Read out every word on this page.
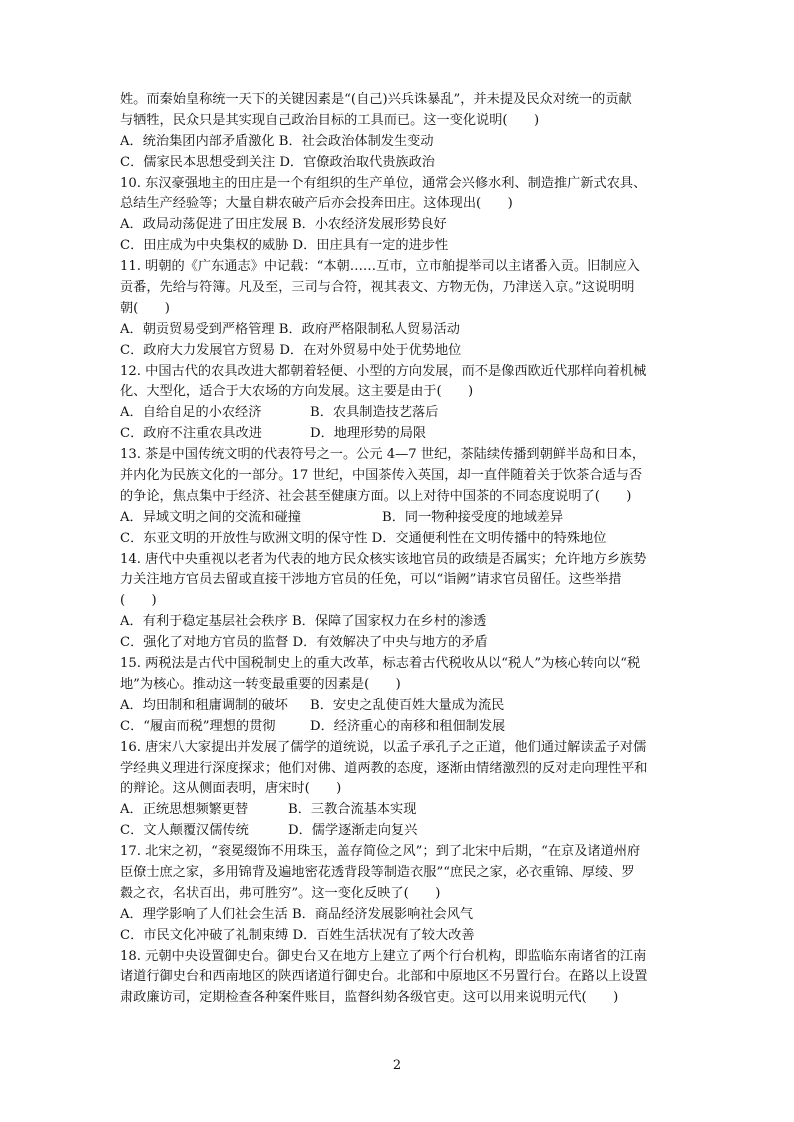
姓。而秦始皇称统一天下的关键因素是“(自己)兴兵诛暴乱”，并未提及民众对统一的贡献
与牺牲，民众只是其实现自己政治目标的工具而已。这一变化说明(　　)
A．统治集团内部矛盾激化 B．社会政治体制发生变动
C．儒家民本思想受到关注 D．官僚政治取代贵族政治
10. 东汉豪强地主的田庄是一个有组织的生产单位，通常会兴修水利、制造推广新式农具、
总结生产经验等；大量自耕农破产后亦会投奔田庄。这体现出(　　)
A．政局动荡促进了田庄发展 B．小农经济发展形势良好
C．田庄成为中央集权的威胁 D．田庄具有一定的进步性
11. 明朝的《广东通志》中记载：“本朝……互市，立市舶提举司以主诸番入贡。旧制应入
贡番，先给与符簿。凡及至，三司与合符，视其表文、方物无伪，乃津送入京。”这说明明
朝(　　)
A．朝贡贸易受到严格管理 B．政府严格限制私人贸易活动
C．政府大力发展官方贸易 D．在对外贸易中处于优势地位
12. 中国古代的农具改进大都朝着轻便、小型的方向发展，而不是像西欧近代那样向着机械
化、大型化，适合于大农场的方向发展。这主要是由于(　　)
A．自给自足的小农经济	B．农具制造技艺落后
C．政府不注重农具改进	D．地理形势的局限
13. 茶是中国传统文明的代表符号之一。公元 4—7 世纪，茶陆续传播到朝鲜半岛和日本，
并内化为民族文化的一部分。17 世纪，中国茶传入英国，却一直伴随着关于饮茶合适与否
的争论，焦点集中于经济、社会甚至健康方面。以上对待中国茶的不同态度说明了(　　)
A．异域文明之间的交流和碰撞	B．同一物种接受度的地域差异
C．东亚文明的开放性与欧洲文明的保守性 D．交通便利性在文明传播中的特殊地位
14. 唐代中央重视以老者为代表的地方民众核实该地官员的政绩是否属实；允许地方乡族势
力关注地方官员去留或直接干涉地方官员的任免，可以“诣阙”请求官员留任。这些举措
(　　)
A．有利于稳定基层社会秩序 B．保障了国家权力在乡村的渗透
C．强化了对地方官员的监督 D．有效解决了中央与地方的矛盾
15. 两税法是古代中国税制史上的重大改革，标志着古代税收从以“税人”为核心转向以“税
地”为核心。推动这一转变最重要的因素是(　　)
A．均田制和租庸调制的破坏 B．安史之乱使百姓大量成为流民
C．“履亩而税”理想的贯彻	D．经济重心的南移和租佃制发展
16. 唐宋八大家提出并发展了儒学的道统说，以孟子承孔子之正道，他们通过解读孟子对儒
学经典义理进行深度探求；他们对佛、道两教的态度，逐渐由情绪激烈的反对走向理性平和
的辩论。这从侧面表明，唐宋时(　　)
A．正统思想频繁更替	B．三教合流基本实现
C．文人颠覆汉儒传统	D．儒学逐渐走向复兴
17. 北宋之初，“衮冕缀饰不用珠玉，盖存简俭之风”；到了北宋中后期，“在京及诸道州府
臣僚士庶之家，多用锦背及遍地密花透背段等制造衣服”“庶民之家，必衣重锦、厚绫、罗
縠之衣，名状百出，弗可胜穷”。这一变化反映了(　　)
A．理学影响了人们社会生活 B．商品经济发展影响社会风气
C．市民文化冲破了礼制束缚 D．百姓生活状况有了较大改善
18. 元朝中央设置御史台。御史台又在地方上建立了两个行台机构，即监临东南诸省的江南
诸道行御史台和西南地区的陕西诸道行御史台。北部和中原地区不另置行台。在路以上设置
肃政廉访司，定期检查各种案件账目，监督纠劾各级官吏。这可以用来说明元代(　　)
2
